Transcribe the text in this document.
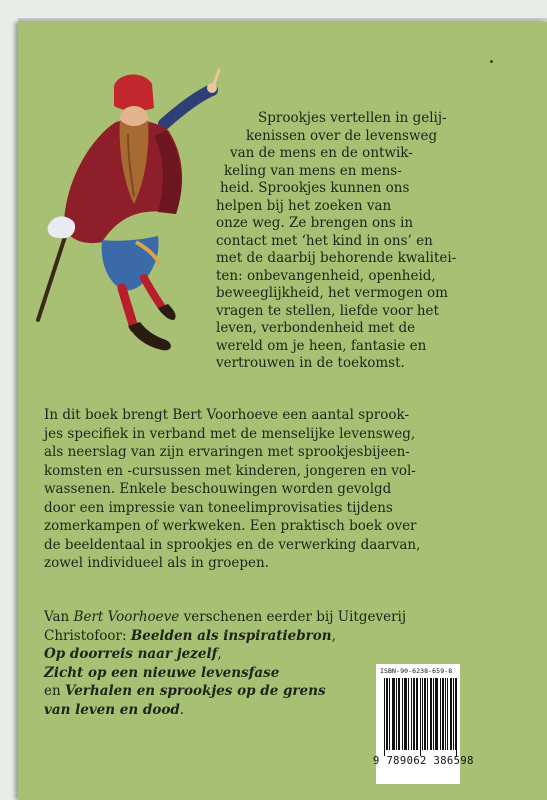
Sprookjes vertellen in gelij-
kenissen over de levensweg
van de mens en de ontwik-
keling van mens en mens-
heid. Sprookjes kunnen ons
helpen bij het zoeken van
onze weg. Ze brengen ons in
contact met ‘het kind in ons’ en
met de daarbij behorende kwalitei-
ten: onbevangenheid, openheid,
beweeglijkheid, het vermogen om
vragen te stellen, liefde voor het
leven, verbondenheid met de
wereld om je heen, fantasie en
vertrouwen in de toekomst.
In dit boek brengt Bert Voorhoeve een aantal sprook-
jes specifiek in verband met de menselijke levensweg,
als neerslag van zijn ervaringen met sprookjesbijeen-
komsten en -cursussen met kinderen, jongeren en vol-
wassenen. Enkele beschouwingen worden gevolgd
door een impressie van toneelimprovisaties tijdens
zomerkampen of werkweken. Een praktisch boek over
de beeldentaal in sprookjes en de verwerking daarvan,
zowel individueel als in groepen.
Van Bert Voorhoeve verschenen eerder bij Uitgeverij
Christofoor: Beelden als inspiratiebron,
Op doorreis naar jezelf,
Zicht op een nieuwe levensfase
en Verhalen en sprookjes op de grens
van leven en dood.
ISBN-90-6238-659-8
9 789062 386598
